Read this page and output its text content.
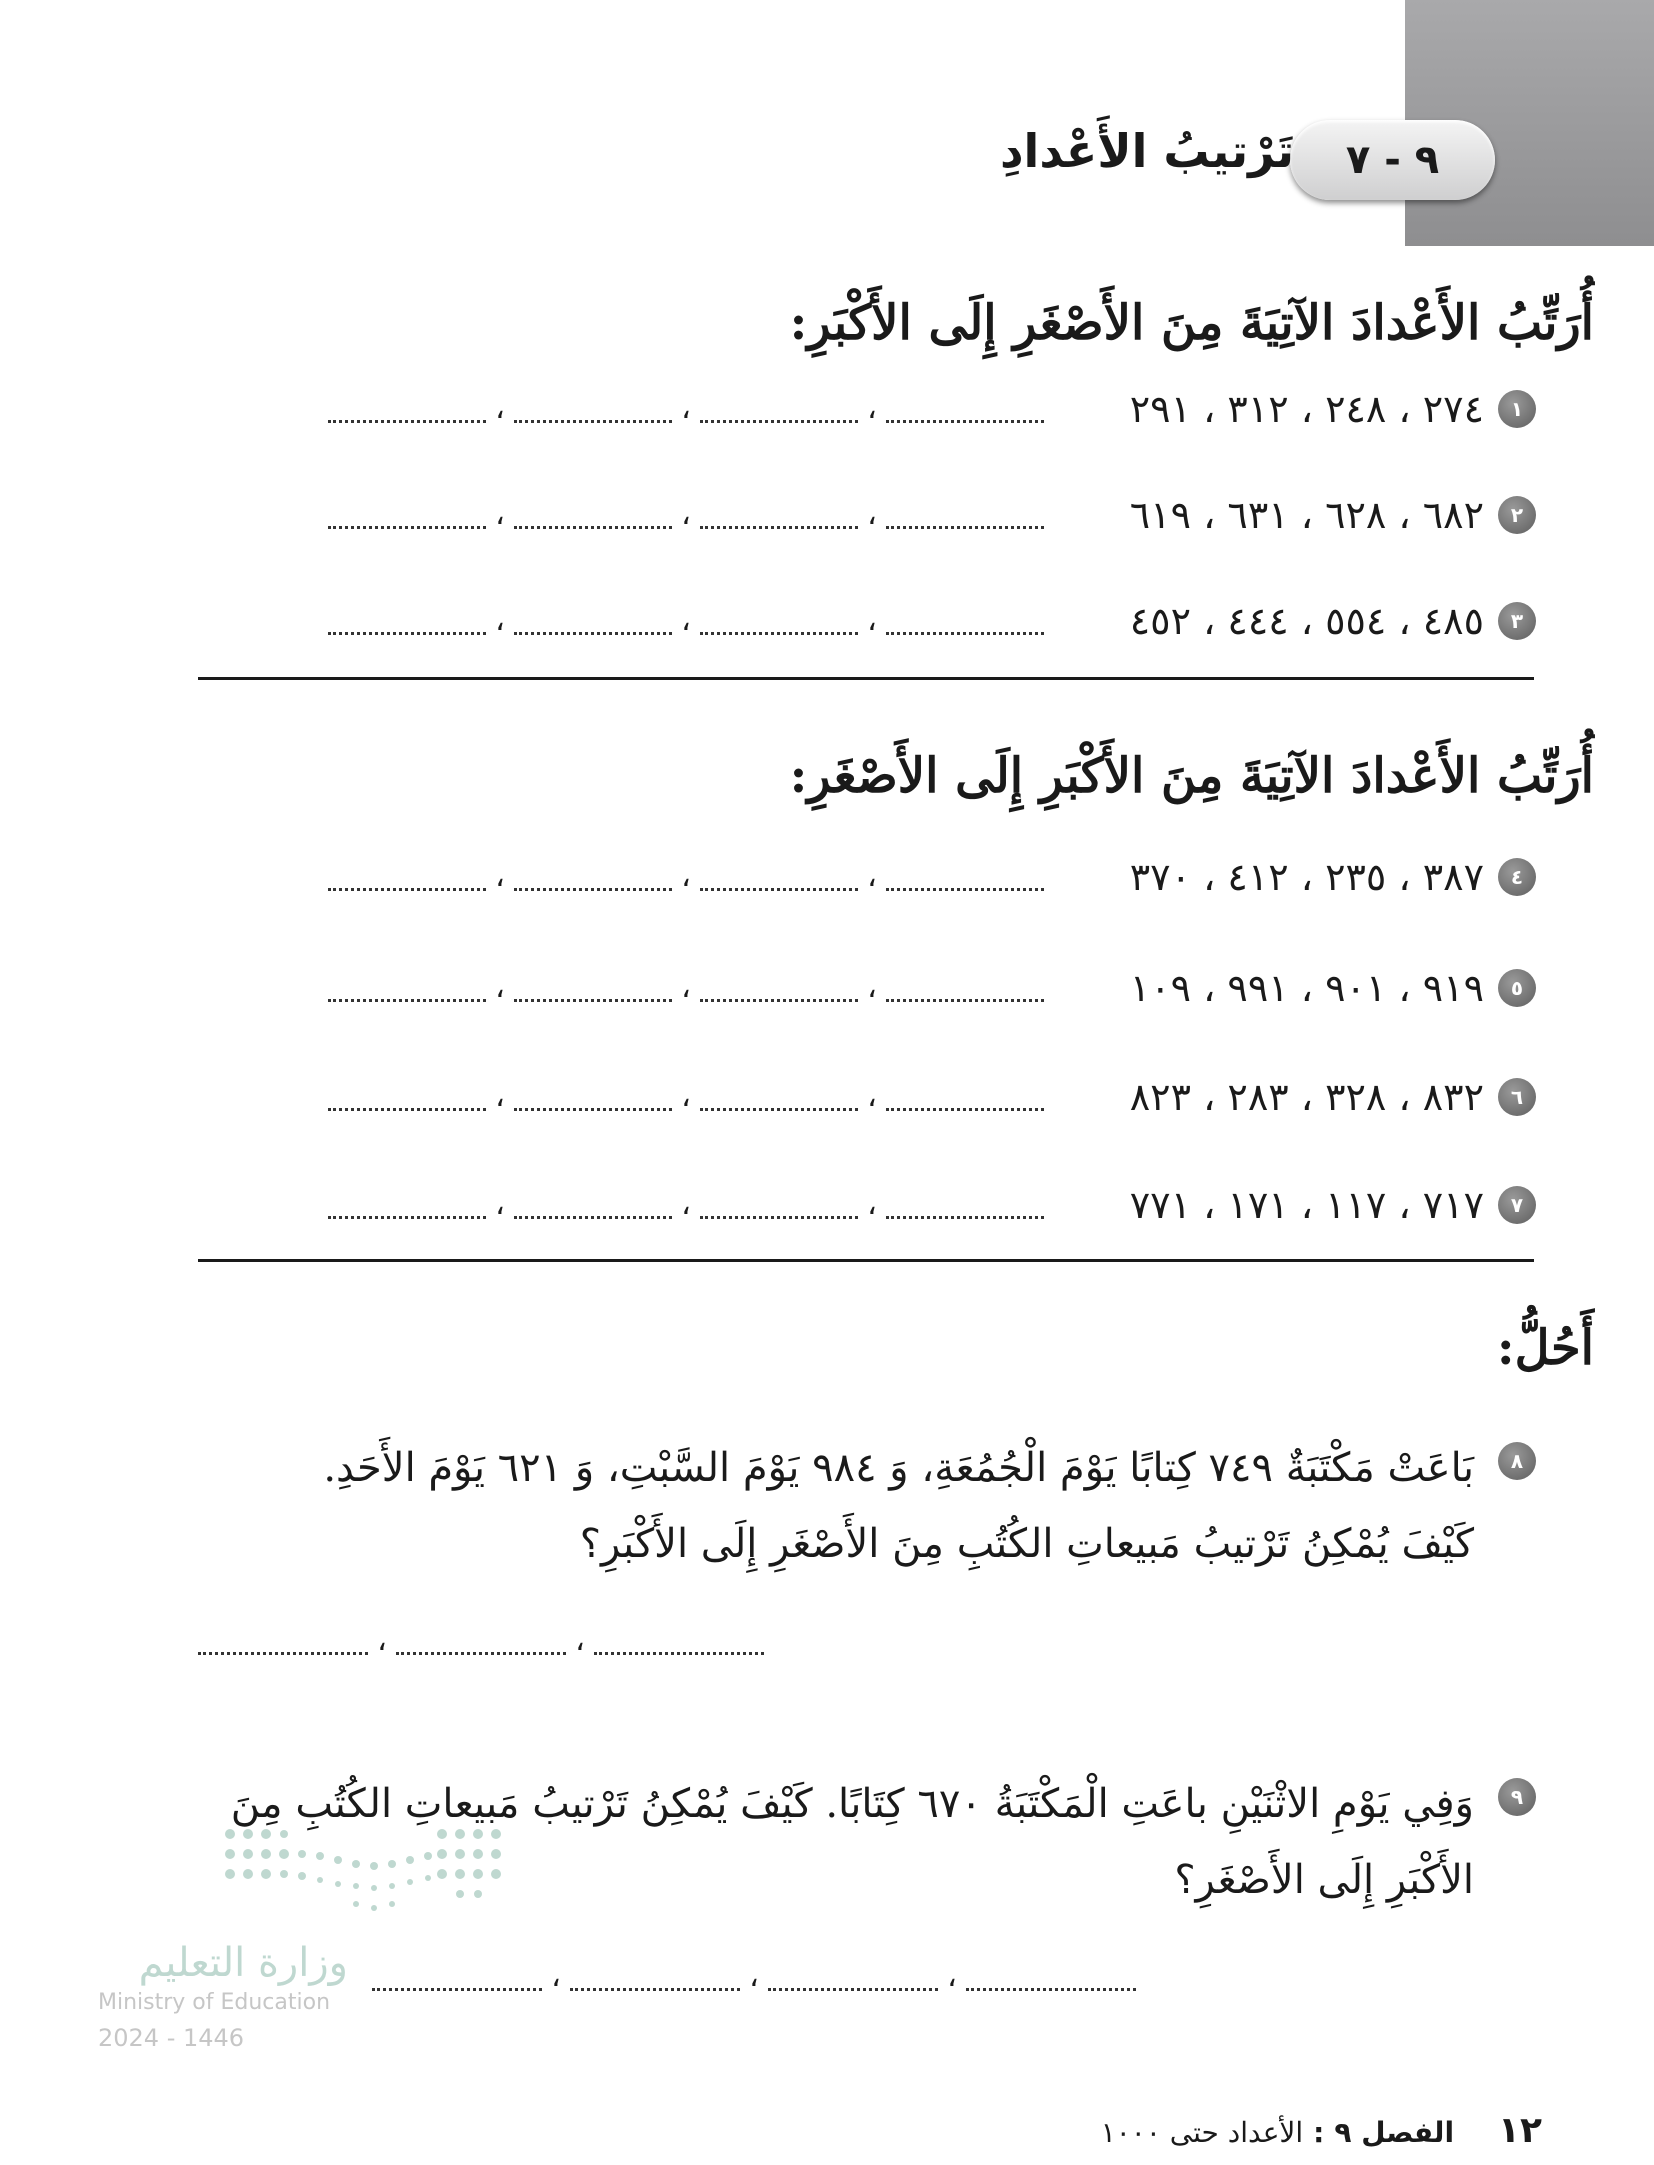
٩ - ٧
تَرْتيبُ الأَعْدادِ
أُرَتِّبُ الأَعْدادَ الآتِيَةَ مِنَ الأَصْغَرِ إِلَى الأَكْبَرِ:
١
٢٧٤ ، ٢٤٨ ، ٣١٢ ، ٢٩١
،
،
،
٢
٦٨٢ ، ٦٢٨ ، ٦٣١ ، ٦١٩
،
،
،
٣
٤٨٥ ، ٥٥٤ ، ٤٤٤ ، ٤٥٢
،
،
،
أُرَتِّبُ الأَعْدادَ الآتِيَةَ مِنَ الأَكْبَرِ إِلَى الأَصْغَرِ:
٤
٣٨٧ ، ٢٣٥ ، ٤١٢ ، ٣٧٠
،
،
،
٥
٩١٩ ، ٩٠١ ، ٩٩١ ، ١٠٩
،
،
،
٦
٨٣٢ ، ٣٢٨ ، ٢٨٣ ، ٨٢٣
،
،
،
٧
٧١٧ ، ١١٧ ، ١٧١ ، ٧٧١
،
،
،
أَحُلُّ:
٨
بَاعَتْ مَكْتَبَةٌ ٧٤٩ كِتابًا يَوْمَ الْجُمُعَةِ، وَ ٩٨٤ يَوْمَ السَّبْتِ، وَ ٦٢١ يَوْمَ الأَحَدِ.
كَيْفَ يُمْكِنُ تَرْتيبُ مَبيعاتِ الكُتُبِ مِنَ الأَصْغَرِ إِلَى الأَكْبَرِ؟
،
،
٩
وَفِي يَوْمِ الاثْنَيْنِ باعَتِ الْمَكْتَبَةُ ٦٧٠ كِتَابًا. كَيْفَ يُمْكِنُ تَرْتيبُ مَبيعاتِ الكُتُبِ مِنَ
الأَكْبَرِ إِلَى الأَصْغَرِ؟
،
،
،
وزارة التعليم
Ministry of Education
2024 - 1446
١٢
الفصل ٩
:
الأعداد حتى ١٠٠٠
